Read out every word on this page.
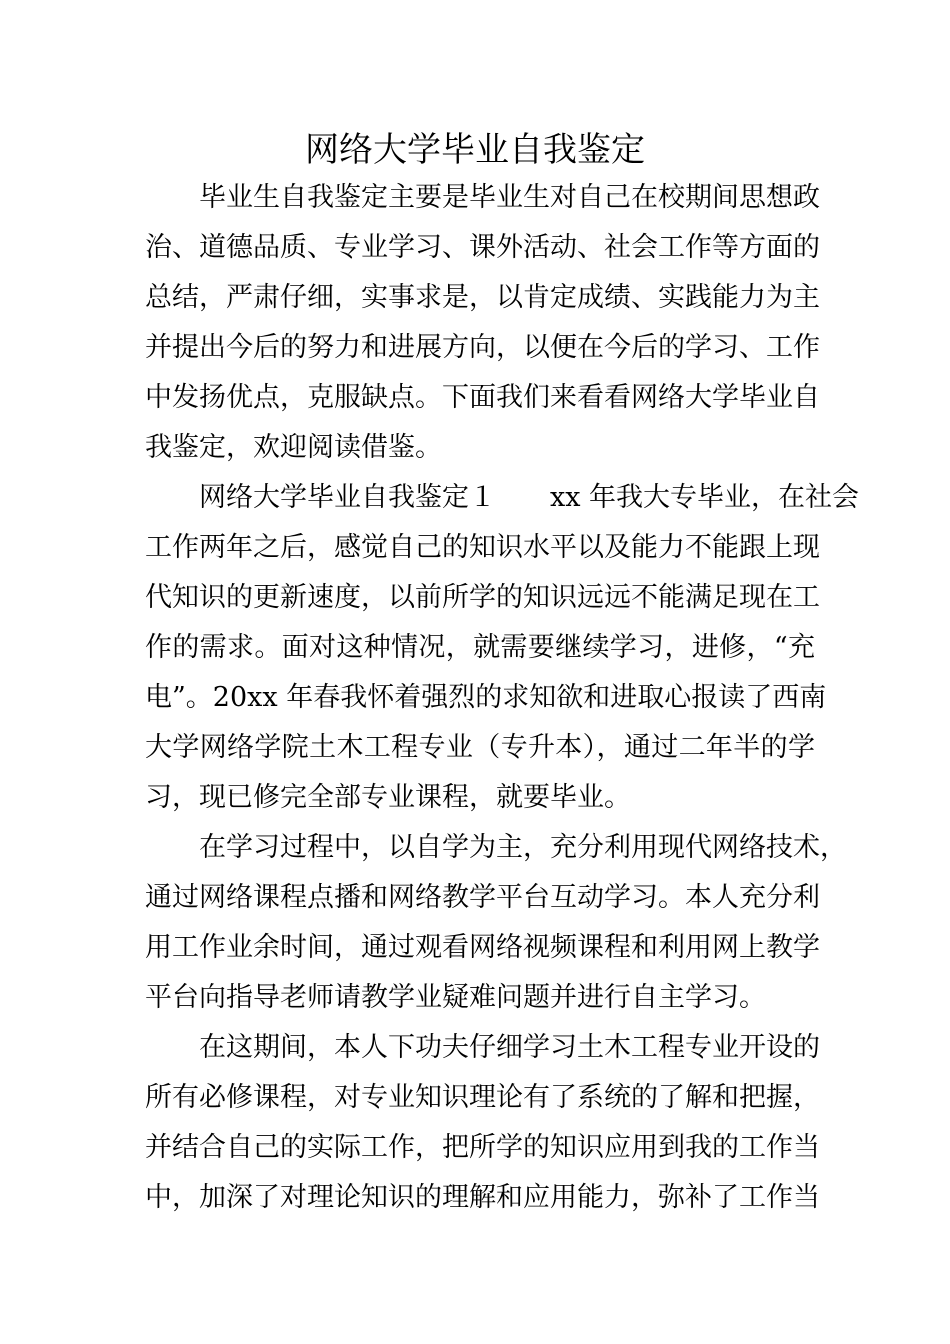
网络大学毕业自我鉴定
毕业生自我鉴定主要是毕业生对自己在校期间思想政
治、道德品质、专业学习、课外活动、社会工作等方面的
总结，严肃仔细，实事求是，以肯定成绩、实践能力为主
并提出今后的努力和进展方向，以便在今后的学习、工作
中发扬优点，克服缺点。下面我们来看看网络大学毕业自
我鉴定，欢迎阅读借鉴。
网络大学毕业自我鉴定１　　xx 年我大专毕业，在社会
工作两年之后，感觉自己的知识水平以及能力不能跟上现
代知识的更新速度，以前所学的知识远远不能满足现在工
作的需求。面对这种情况，就需要继续学习，进修，“充
电”。20xx 年春我怀着强烈的求知欲和进取心报读了西南
大学网络学院土木工程专业（专升本），通过二年半的学
习，现已修完全部专业课程，就要毕业。
在学习过程中，以自学为主，充分利用现代网络技术，
通过网络课程点播和网络教学平台互动学习。本人充分利
用工作业余时间，通过观看网络视频课程和利用网上教学
平台向指导老师请教学业疑难问题并进行自主学习。
在这期间，本人下功夫仔细学习土木工程专业开设的
所有必修课程，对专业知识理论有了系统的了解和把握，
并结合自己的实际工作，把所学的知识应用到我的工作当
中，加深了对理论知识的理解和应用能力，弥补了工作当
